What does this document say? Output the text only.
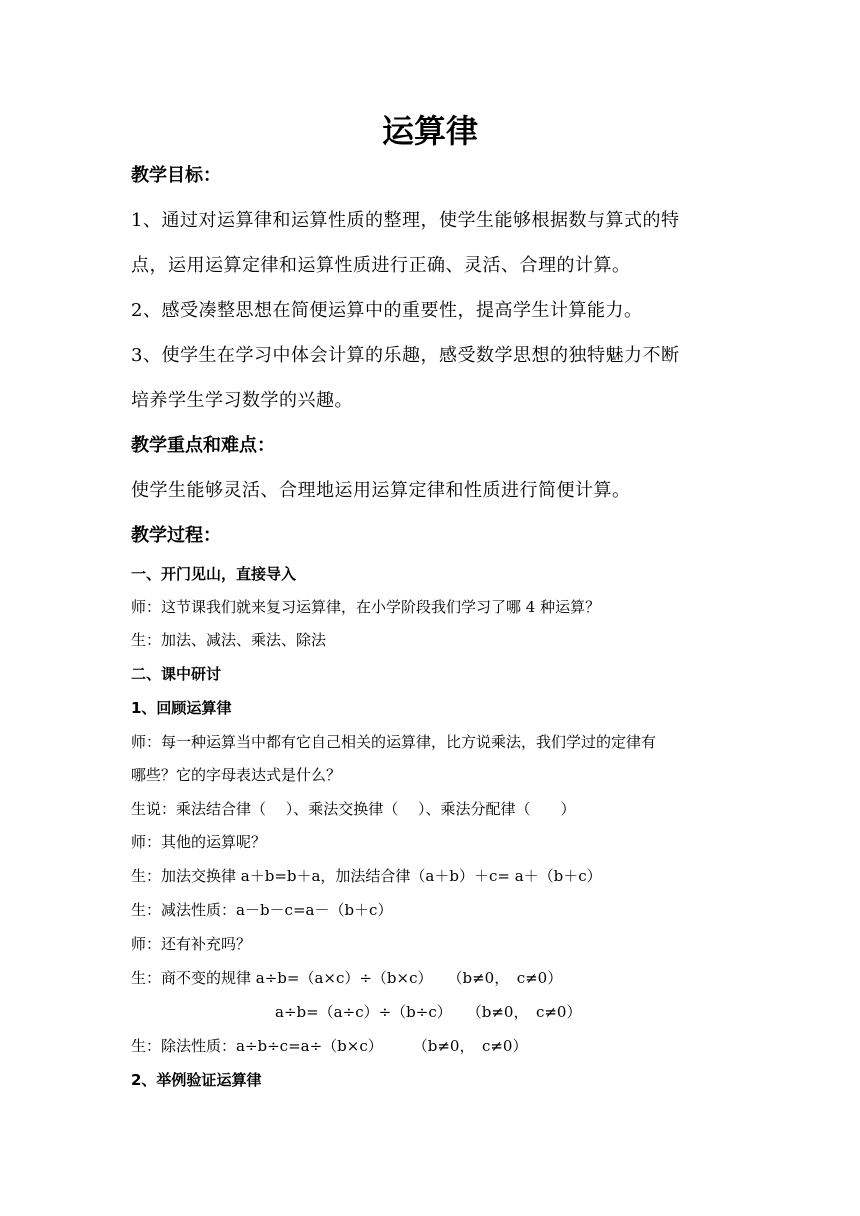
运算律
教学目标：
1、通过对运算律和运算性质的整理，使学生能够根据数与算式的特
点，运用运算定律和运算性质进行正确、灵活、合理的计算。
2、感受凑整思想在简便运算中的重要性，提高学生计算能力。
3、使学生在学习中体会计算的乐趣，感受数学思想的独特魅力不断
培养学生学习数学的兴趣。
教学重点和难点：
使学生能够灵活、合理地运用运算定律和性质进行简便计算。
教学过程：
一、开门见山，直接导入
师：这节课我们就来复习运算律，在小学阶段我们学习了哪 4 种运算？
生：加法、减法、乘法、除法
二、课中研讨
1、回顾运算律
师：每一种运算当中都有它自己相关的运算律，比方说乘法，我们学过的定律有
哪些？它的字母表达式是什么？
生说：乘法结合律（　 ）、乘法交换律（　 ）、乘法分配律（　　）
师：其他的运算呢？
生：加法交换律 a＋b=b＋a，加法结合律（a＋b）＋c= a＋（b＋c）
生：减法性质：a－b－c=a－（b＋c）
师：还有补充吗？
生：商不变的规律 a÷b=（a×c）÷（b×c）　　（b≠0，　c≠0）
a÷b=（a÷c）÷（b÷c）　　（b≠0，　c≠0）
生：除法性质：a÷b÷c=a÷（b×c）　　　（b≠0，　c≠0）
2、举例验证运算律
